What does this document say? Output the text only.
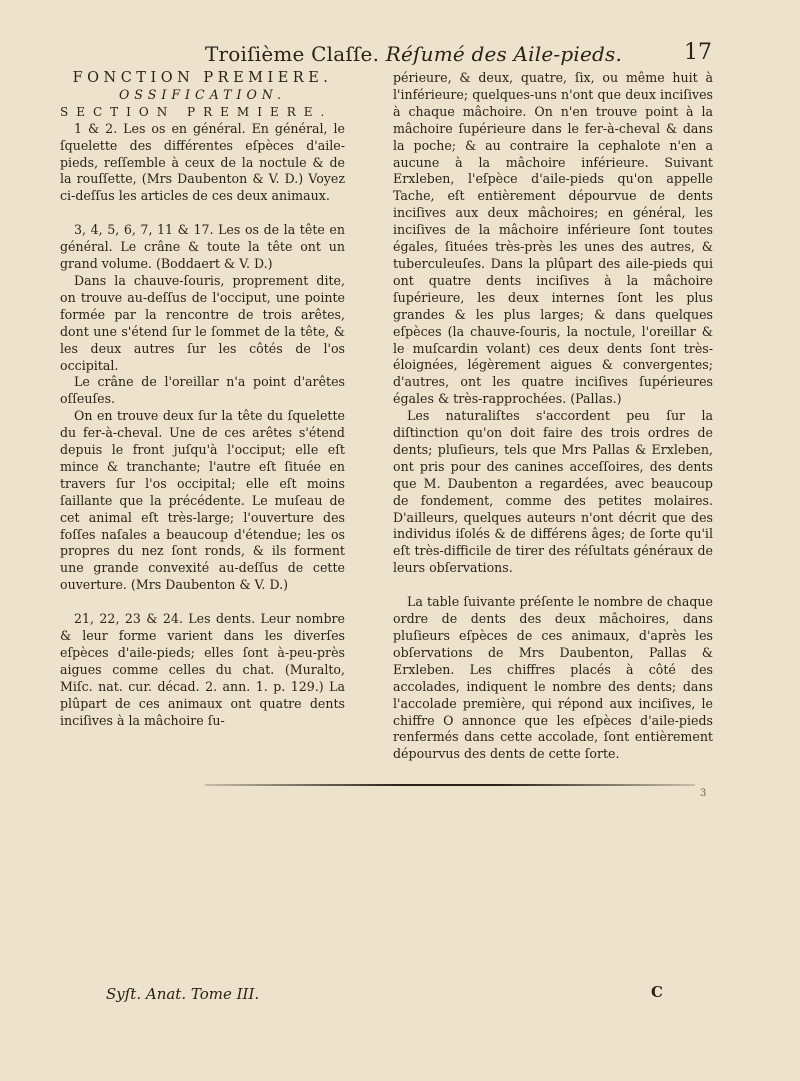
Troiſième Claſſe. Réſumé des Aile-pieds.	17

FONCTION PREMIERE.

OSSIFICATION.

SECTION PREMIERE.

1 & 2. Les os en général. En général, le ſquelette des différentes eſpèces d'aile-pieds, reſſemble à ceux de la noctule & de la rouſſette, (Mrs Daubenton & V. D.) Voyez ci-deſſus les articles de ces deux animaux.

3, 4, 5, 6, 7, 11 & 17. Les os de la tête en général. Le crâne & toute la tête ont un grand volume. (Boddaert & V. D.)

Dans la chauve-ſouris, proprement dite, on trouve au-deſſus de l'occiput, une pointe formée par la rencontre de trois arêtes, dont une s'étend ſur le ſommet de la tête, & les deux autres ſur les côtés de l'os occipital.

Le crâne de l'oreillar n'a point d'arêtes oſſeuſes.

On en trouve deux ſur la tête du ſquelette du fer-à-cheval. Une de ces arêtes s'étend depuis le front juſqu'à l'occiput; elle eſt mince & tranchante; l'autre eſt ſituée en travers ſur l'os occipital; elle eſt moins ſaillante que la précédente. Le muſeau de cet animal eſt très-large; l'ouverture des foſſes naſales a beaucoup d'étendue; les os propres du nez ſont ronds, & ils forment une grande convexité au-deſſus de cette ouverture. (Mrs Daubenton & V. D.)

21, 22, 23 & 24. Les dents. Leur nombre & leur forme varient dans les diverſes eſpèces d'aile-pieds; elles ſont à-peu-près aigues comme celles du chat. (Muralto, Miſc. nat. cur. décad. 2. ann. 1. p. 129.) La plûpart de ces animaux ont quatre dents inciſives à la mâchoire ſu-

périeure, & deux, quatre, ſix, ou même huit à l'inférieure; quelques-uns n'ont que deux inciſives à chaque mâchoire. On n'en trouve point à la mâchoire ſupérieure dans le fer-à-cheval & dans la poche; & au contraire la cephalote n'en a aucune à la mâchoire inférieure. Suivant Erxleben, l'eſpèce d'aile-pieds qu'on appelle Tache, eſt entièrement dépourvue de dents inciſives aux deux mâchoires; en général, les inciſives de la mâchoire inférieure ſont toutes égales, ſituées très-près les unes des autres, & tuberculeuſes. Dans la plûpart des aile-pieds qui ont quatre dents inciſives à la mâchoire ſupérieure, les deux internes ſont les plus grandes & les plus larges; & dans quelques eſpèces (la chauve-ſouris, la noctule, l'oreillar & le muſcardin volant) ces deux dents ſont très-éloignées, légèrement aigues & convergentes; d'autres, ont les quatre inciſives ſupérieures égales & très-rapprochées. (Pallas.)

Les naturaliſtes s'accordent peu ſur la diſtinction qu'on doit faire des trois ordres de dents; pluſieurs, tels que Mrs Pallas & Erxleben, ont pris pour des canines acceſſoires, des dents que M. Daubenton a regardées, avec beaucoup de fondement, comme des petites molaires. D'ailleurs, quelques auteurs n'ont décrit que des individus iſolés & de différens âges; de ſorte qu'il eſt très-difficile de tirer des réſultats généraux de leurs obſervations.

La table ſuivante préſente le nombre de chaque ordre de dents des deux mâchoires, dans pluſieurs eſpèces de ces animaux, d'après les obſervations de Mrs Daubenton, Pallas & Erxleben. Les chiffres placés à côté des accolades, indiquent le nombre des dents; dans l'accolade première, qui répond aux inciſives, le chiffre O annonce que les eſpèces d'aile-pieds renfermés dans cette accolade, ſont entièrement dépourvus des dents de cette ſorte.

3
Syſt. Anat. Tome III.	C
